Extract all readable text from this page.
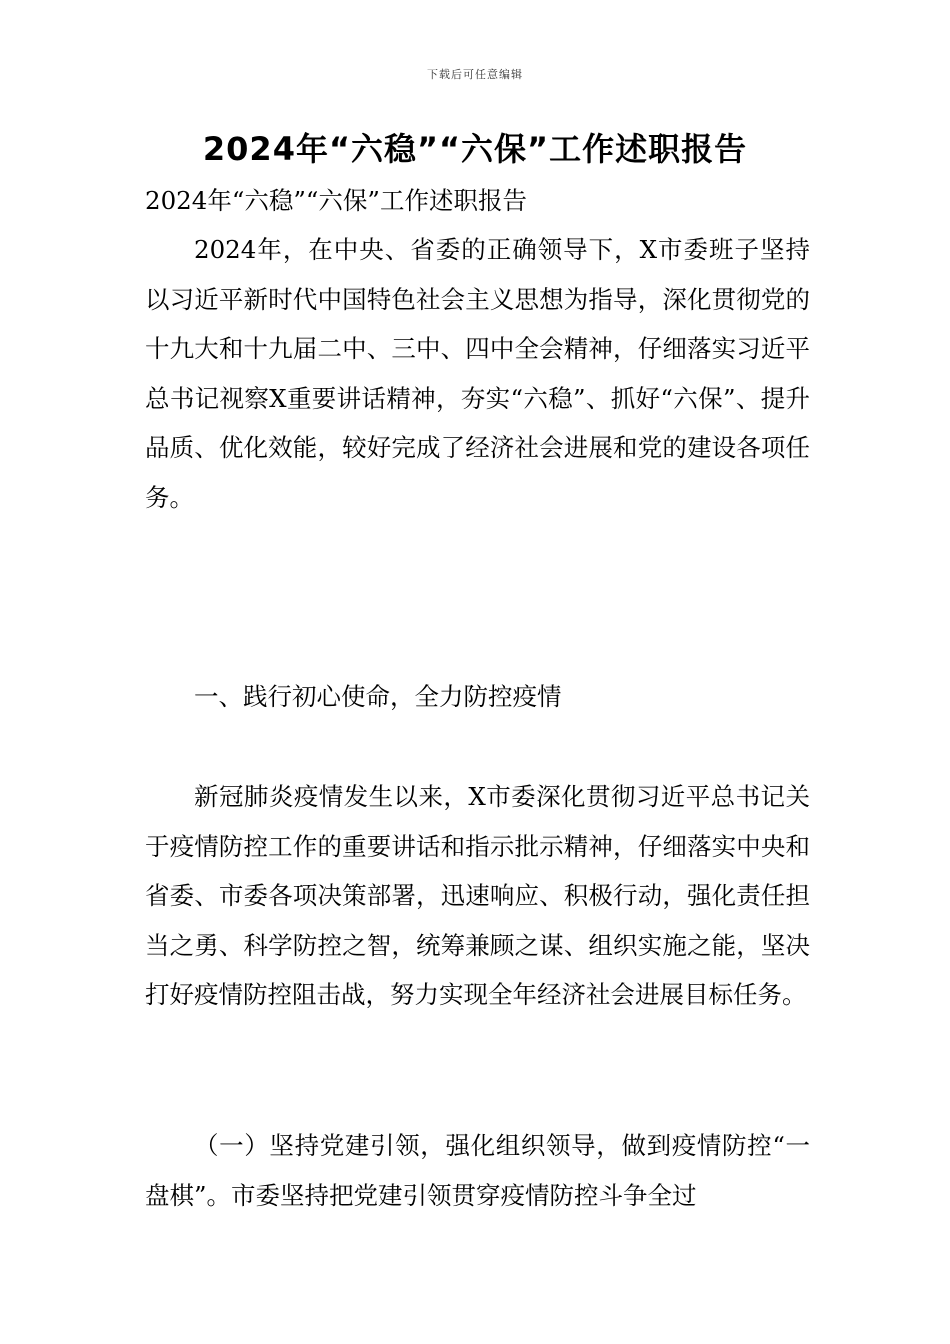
下载后可任意编辑
2024年“六稳”“六保”工作述职报告

2024年“六稳”“六保”工作述职报告

2024年，在中央、省委的正确领导下，X市委班子坚持以习近平新时代中国特色社会主义思想为指导，深化贯彻党的十九大和十九届二中、三中、四中全会精神，仔细落实习近平总书记视察X重要讲话精神，夯实“六稳”、抓好“六保”、提升品质、优化效能，较好完成了经济社会进展和党的建设各项任务。

一、践行初心使命，全力防控疫情

新冠肺炎疫情发生以来，X市委深化贯彻习近平总书记关于疫情防控工作的重要讲话和指示批示精神，仔细落实中央和省委、市委各项决策部署，迅速响应、积极行动，强化责任担当之勇、科学防控之智，统筹兼顾之谋、组织实施之能，坚决打好疫情防控阻击战，努力实现全年经济社会进展目标任务。

（一）坚持党建引领，强化组织领导，做到疫情防控“一盘棋”。市委坚持把党建引领贯穿疫情防控斗争全过
